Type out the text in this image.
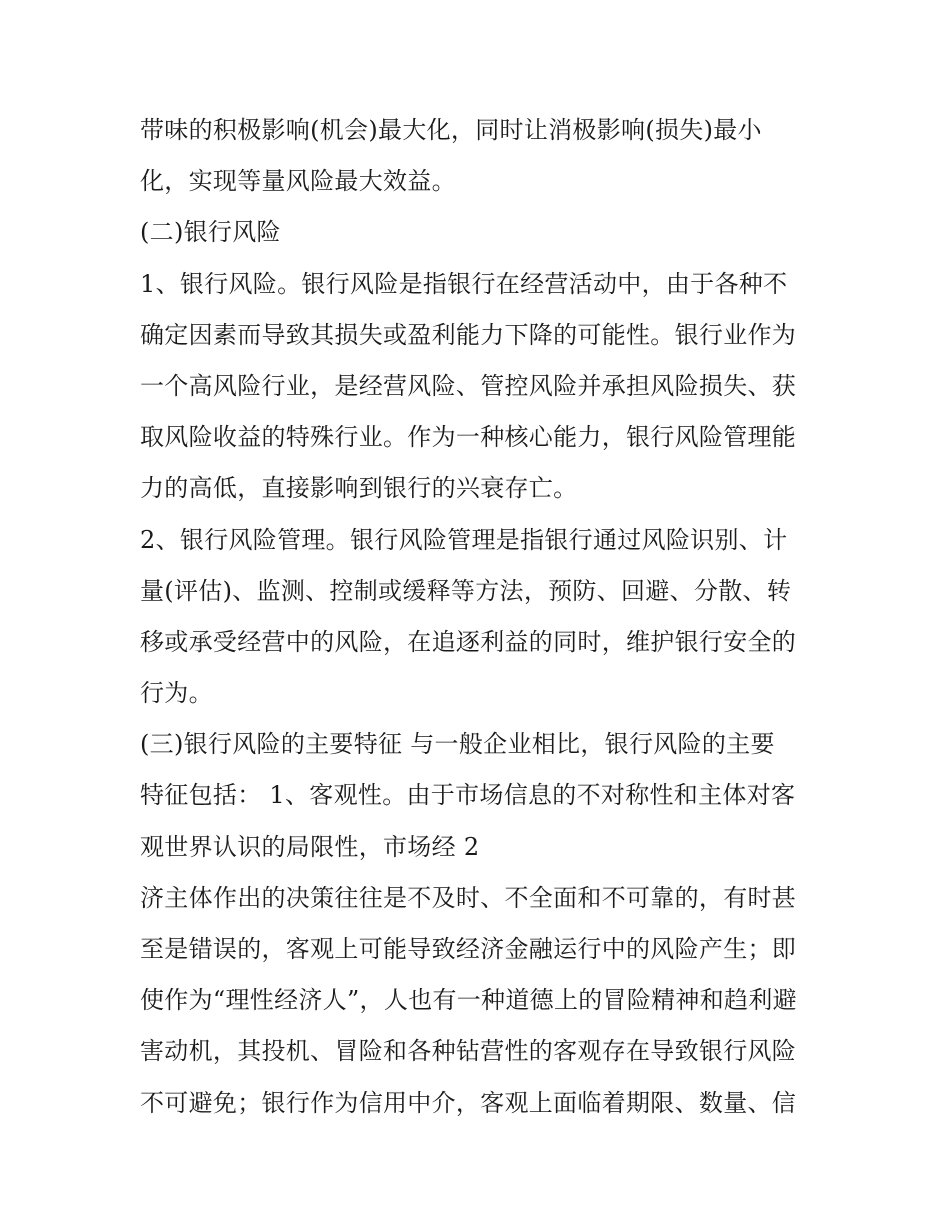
带味的积极影响(机会)最大化，同时让消极影响(损失)最小
化，实现等量风险最大效益。
(二)银行风险
1、银行风险。银行风险是指银行在经营活动中，由于各种不
确定因素而导致其损失或盈利能力下降的可能性。银行业作为
一个高风险行业，是经营风险、管控风险并承担风险损失、获
取风险收益的特殊行业。作为一种核心能力，银行风险管理能
力的高低，直接影响到银行的兴衰存亡。
2、银行风险管理。银行风险管理是指银行通过风险识别、计
量(评估)、监测、控制或缓释等方法，预防、回避、分散、转
移或承受经营中的风险，在追逐利益的同时，维护银行安全的
行为。
(三)银行风险的主要特征 与一般企业相比，银行风险的主要
特征包括： 1、客观性。由于市场信息的不对称性和主体对客
观世界认识的局限性，市场经 2
济主体作出的决策往往是不及时、不全面和不可靠的，有时甚
至是错误的，客观上可能导致经济金融运行中的风险产生；即
使作为“理性经济人”，人也有一种道德上的冒险精神和趋利避
害动机，其投机、冒险和各种钻营性的客观存在导致银行风险
不可避免；银行作为信用中介，客观上面临着期限、数量、信
